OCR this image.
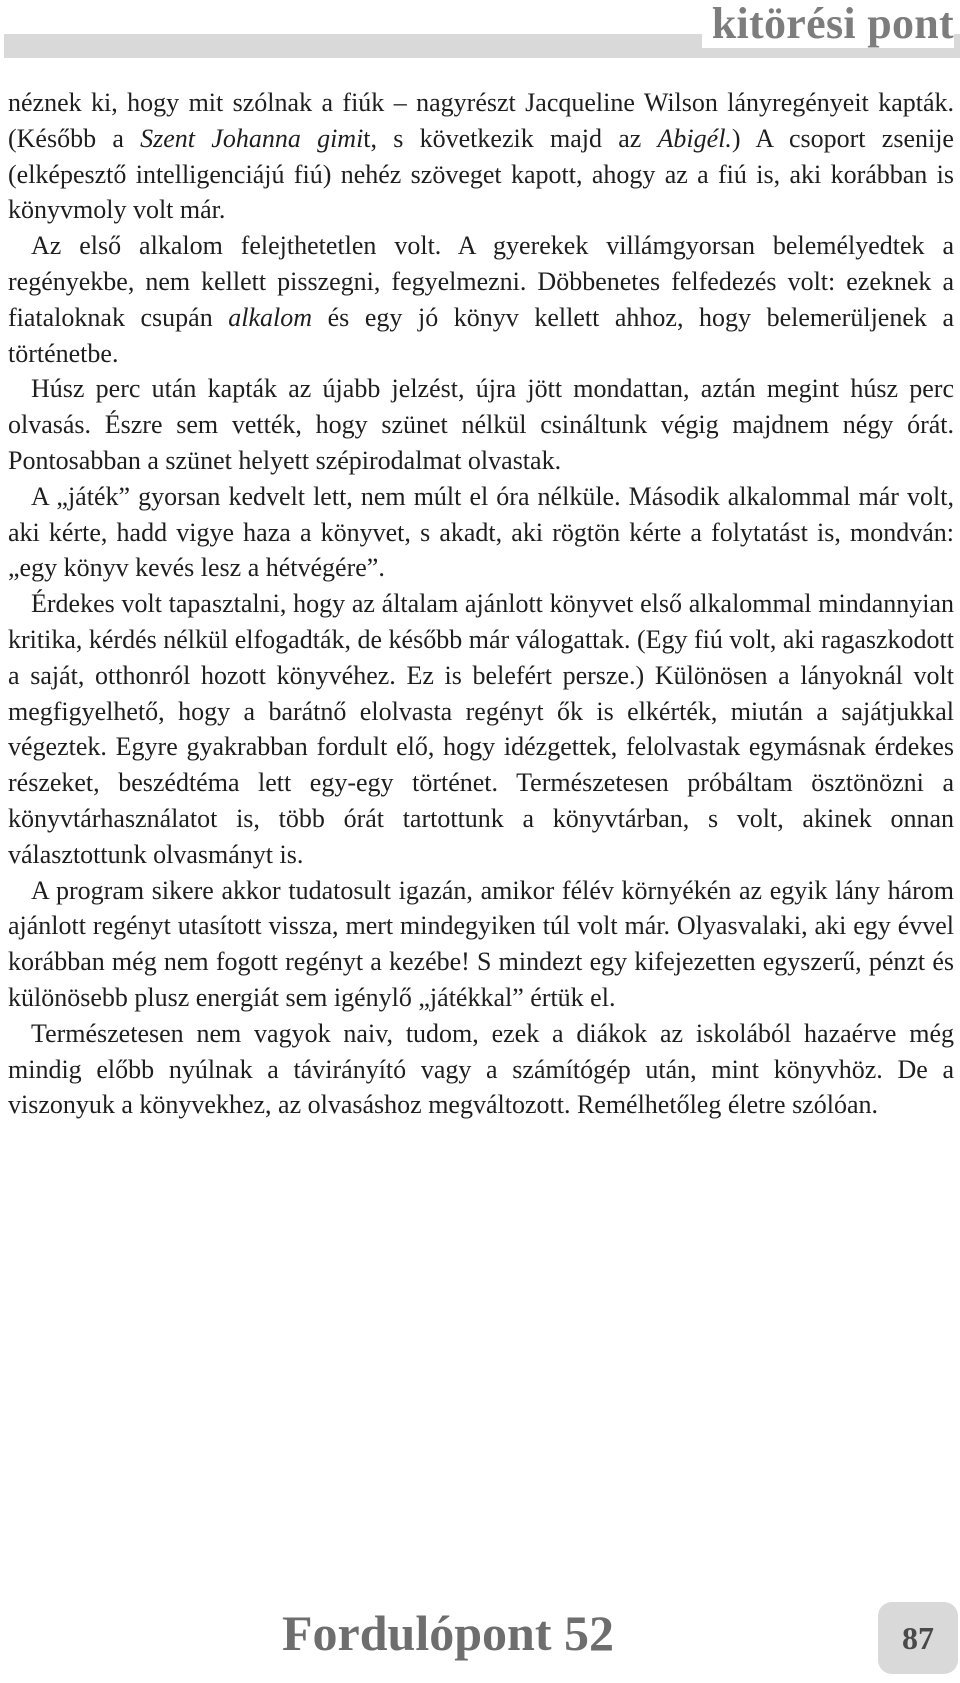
kitörési pont

néznek ki, hogy mit szólnak a fiúk – nagyrészt Jacqueline Wilson lányregényeit kapták. (Később a Szent Johanna gimit, s következik majd az Abigél.) A csoport zsenije (elképesztő intelligenciájú fiú) nehéz szöveget kapott, ahogy az a fiú is, aki korábban is könyvmoly volt már.

Az első alkalom felejthetetlen volt. A gyerekek villámgyorsan belemélyedtek a regényekbe, nem kellett pisszegni, fegyelmezni. Döbbenetes felfedezés volt: ezeknek a fiataloknak csupán alkalom és egy jó könyv kellett ahhoz, hogy belemerüljenek a történetbe.

Húsz perc után kapták az újabb jelzést, újra jött mondattan, aztán megint húsz perc olvasás. Észre sem vették, hogy szünet nélkül csináltunk végig majdnem négy órát. Pontosabban a szünet helyett szépirodalmat olvastak.

A „játék” gyorsan kedvelt lett, nem múlt el óra nélküle. Második alkalommal már volt, aki kérte, hadd vigye haza a könyvet, s akadt, aki rögtön kérte a folytatást is, mondván: „egy könyv kevés lesz a hétvégére”.

Érdekes volt tapasztalni, hogy az általam ajánlott könyvet első alkalommal mindannyian kritika, kérdés nélkül elfogadták, de később már válogattak. (Egy fiú volt, aki ragaszkodott a saját, otthonról hozott könyvéhez. Ez is belefért persze.) Különösen a lányoknál volt megfigyelhető, hogy a barátnő elolvasta regényt ők is elkérték, miután a sajátjukkal végeztek. Egyre gyakrabban fordult elő, hogy idézgettek, felolvastak egymásnak érdekes részeket, beszédtéma lett egy-egy történet. Természetesen próbáltam ösztönözni a könyvtárhasználatot is, több órát tartottunk a könyvtárban, s volt, akinek onnan választottunk olvasmányt is.

A program sikere akkor tudatosult igazán, amikor félév környékén az egyik lány három ajánlott regényt utasított vissza, mert mindegyiken túl volt már. Olyasvalaki, aki egy évvel korábban még nem fogott regényt a kezébe! S mindezt egy kifejezetten egyszerű, pénzt és különösebb plusz energiát sem igénylő „játékkal” értük el.

Természetesen nem vagyok naiv, tudom, ezek a diákok az iskolából hazaérve még mindig előbb nyúlnak a távirányító vagy a számítógép után, mint könyvhöz. De a viszonyuk a könyvekhez, az olvasáshoz megváltozott. Remélhetőleg életre szólóan.

Fordulópont 52	87
